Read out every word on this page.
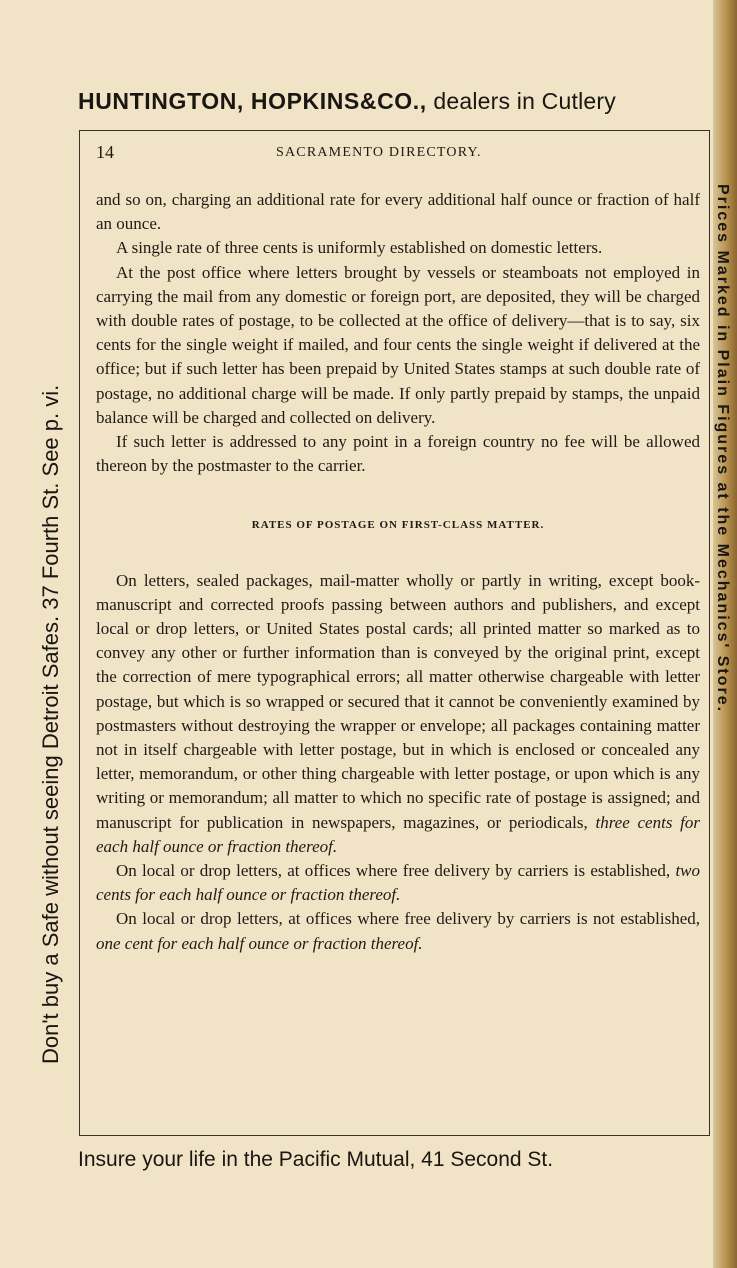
HUNTINGTON, HOPKINS&CO., dealers in Cutlery
Don't buy a Safe without seeing Detroit Safes. 37 Fourth St. See p. vi.	Prices Marked in Plain Figures at the Mechanics' Store.
14	SACRAMENTO DIRECTORY.

and so on, charging an additional rate for every additional half ounce or fraction of half an ounce.

A single rate of three cents is uniformly established on domestic letters.

At the post office where letters brought by vessels or steamboats not employed in carrying the mail from any domestic or foreign port, are deposited, they will be charged with double rates of postage, to be collected at the office of delivery—that is to say, six cents for the single weight if mailed, and four cents the single weight if delivered at the office; but if such letter has been prepaid by United States stamps at such double rate of postage, no additional charge will be made. If only partly prepaid by stamps, the unpaid balance will be charged and collected on delivery.

If such letter is addressed to any point in a foreign country no fee will be allowed thereon by the postmaster to the carrier.

RATES OF POSTAGE ON FIRST-CLASS MATTER.

On letters, sealed packages, mail-matter wholly or partly in writing, except book-manuscript and corrected proofs passing between authors and publishers, and except local or drop letters, or United States postal cards; all printed matter so marked as to convey any other or further information than is conveyed by the original print, except the correction of mere typographical errors; all matter otherwise chargeable with letter postage, but which is so wrapped or secured that it cannot be conveniently examined by postmasters without destroying the wrapper or envelope; all packages containing matter not in itself chargeable with letter postage, but in which is enclosed or concealed any letter, memorandum, or other thing chargeable with letter postage, or upon which is any writing or memorandum; all matter to which no specific rate of postage is assigned; and manuscript for publication in newspapers, magazines, or periodicals, three cents for each half ounce or fraction thereof.

On local or drop letters, at offices where free delivery by carriers is established, two cents for each half ounce or fraction thereof.

On local or drop letters, at offices where free delivery by carriers is not established, one cent for each half ounce or fraction thereof.

Insure your life in the Pacific Mutual, 41 Second St.
